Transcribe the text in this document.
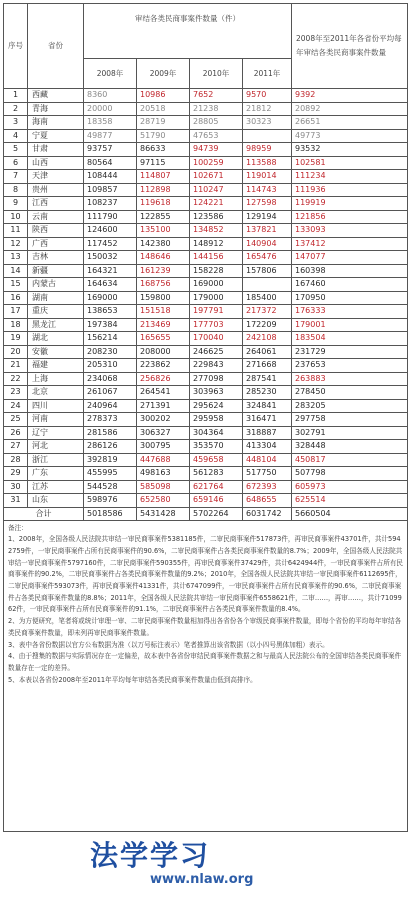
序号	省份	审结各类民商事案件数量（件）				2008年至2011年各省份平均每年审结各类民商事案件数量
		2008年	2009年	2010年	2011年	
1	西藏	8360	10986	7652	9570	9392
2	青海	20000	20518	21238	21812	20892
3	海南	18358	28719	28805	30323	26651
4	宁夏	49877	51790	47653		49773
5	甘肃	93757	86633	94739	98959	93532
6	山西	80564	97115	100259	113588	102581
7	天津	108444	114807	102671	119014	111234
8	贵州	109857	112898	110247	114743	111936
9	江西	108237	119618	124221	127598	119919
10	云南	111790	122855	123586	129194	121856
11	陕西	124600	135100	134852	137821	133093
12	广西	117452	142380	148912	140904	137412
13	吉林	150032	148646	144156	165476	147077
14	新疆	164321	161239	158228	157806	160398
15	内蒙古	164634	168756	169000		167460
16	湖南	169000	159800	179000	185400	170950
17	重庆	138653	151518	197791	217372	176333
18	黑龙江	197384	213469	177703	172209	179001
19	湖北	156214	165655	170040	242108	183504
20	安徽	208230	208000	246625	264061	231729
21	福建	205310	223862	229843	271668	237653
22	上海	234068	256826	277098	287541	263883
23	北京	261067	264541	303963	285230	278450
24	四川	240964	271391	295624	324841	283205
25	河南	278373	300202	295958	316471	297758
26	辽宁	281586	306327	304364	318887	302791
27	河北	286126	300795	353570	413304	328448
28	浙江	392819	447688	459658	448104	450817
29	广东	455995	498163	561283	517750	507798
30	江苏	544528	585098	621764	672393	605973
31	山东	598976	652580	659146	648655	625514
合计		5018586	5431428	5702264	6031742	5660504

备注：

1、2008年，全国各级人民法院共审结一审民商事案件5381185件，二审民商事案件517873件，再审民商事案件43701件，共计5942759件，一审民商事案件占所有民商事案件的90.6%，二审民商事案件占各类民商事案件数量的8.7%；2009年，全国各级人民法院共审结一审民商事案件5797160件，二审民商事案件590355件，再审民商事案件37429件，共计6424944件，一审民商事案件占所有民商事案件的90.2%，二审民商事案件占各类民商事案件数量的9.2%；2010年，全国各级人民法院共审结一审民商事案件6112695件，二审民商事案件593073件，再审民商事案件41331件，共计6747099件，一审民商事案件占所有民商事案件的90.6%，二审民商事案件占各类民商事案件数量的8.8%；2011年，全国各级人民法院共审结一审民商事案件6558621件，二审……，再审……，共计7109962件，一审民商事案件占所有民商事案件的91.1%，二审民商事案件占各类民商事案件数量的8.4%。

2、为方便研究，笔者将或统计审理一审、二审民商事案件数量相加得出各省份各个审级民商事案件数量，即每个省份的平均每年审结各类民商事案件数量，即未列再审民商事案件数量。

3、表中各省份数据以官方公布数据为准（以万号标注表示）笔者推算出该省数据（以小四号黑体加粗）表示。

4、由于搜集的数据与实际情况存在一定偏差，故本表中各省份审结民商事案件数据之和与最高人民法院公布的全国审结各类民商事案件数量存在一定的差异。

5、本表以各省份2008年至2011年平均每年审结各类民商事案件数量由低到高排序。

法学学习
www.nlaw.org
